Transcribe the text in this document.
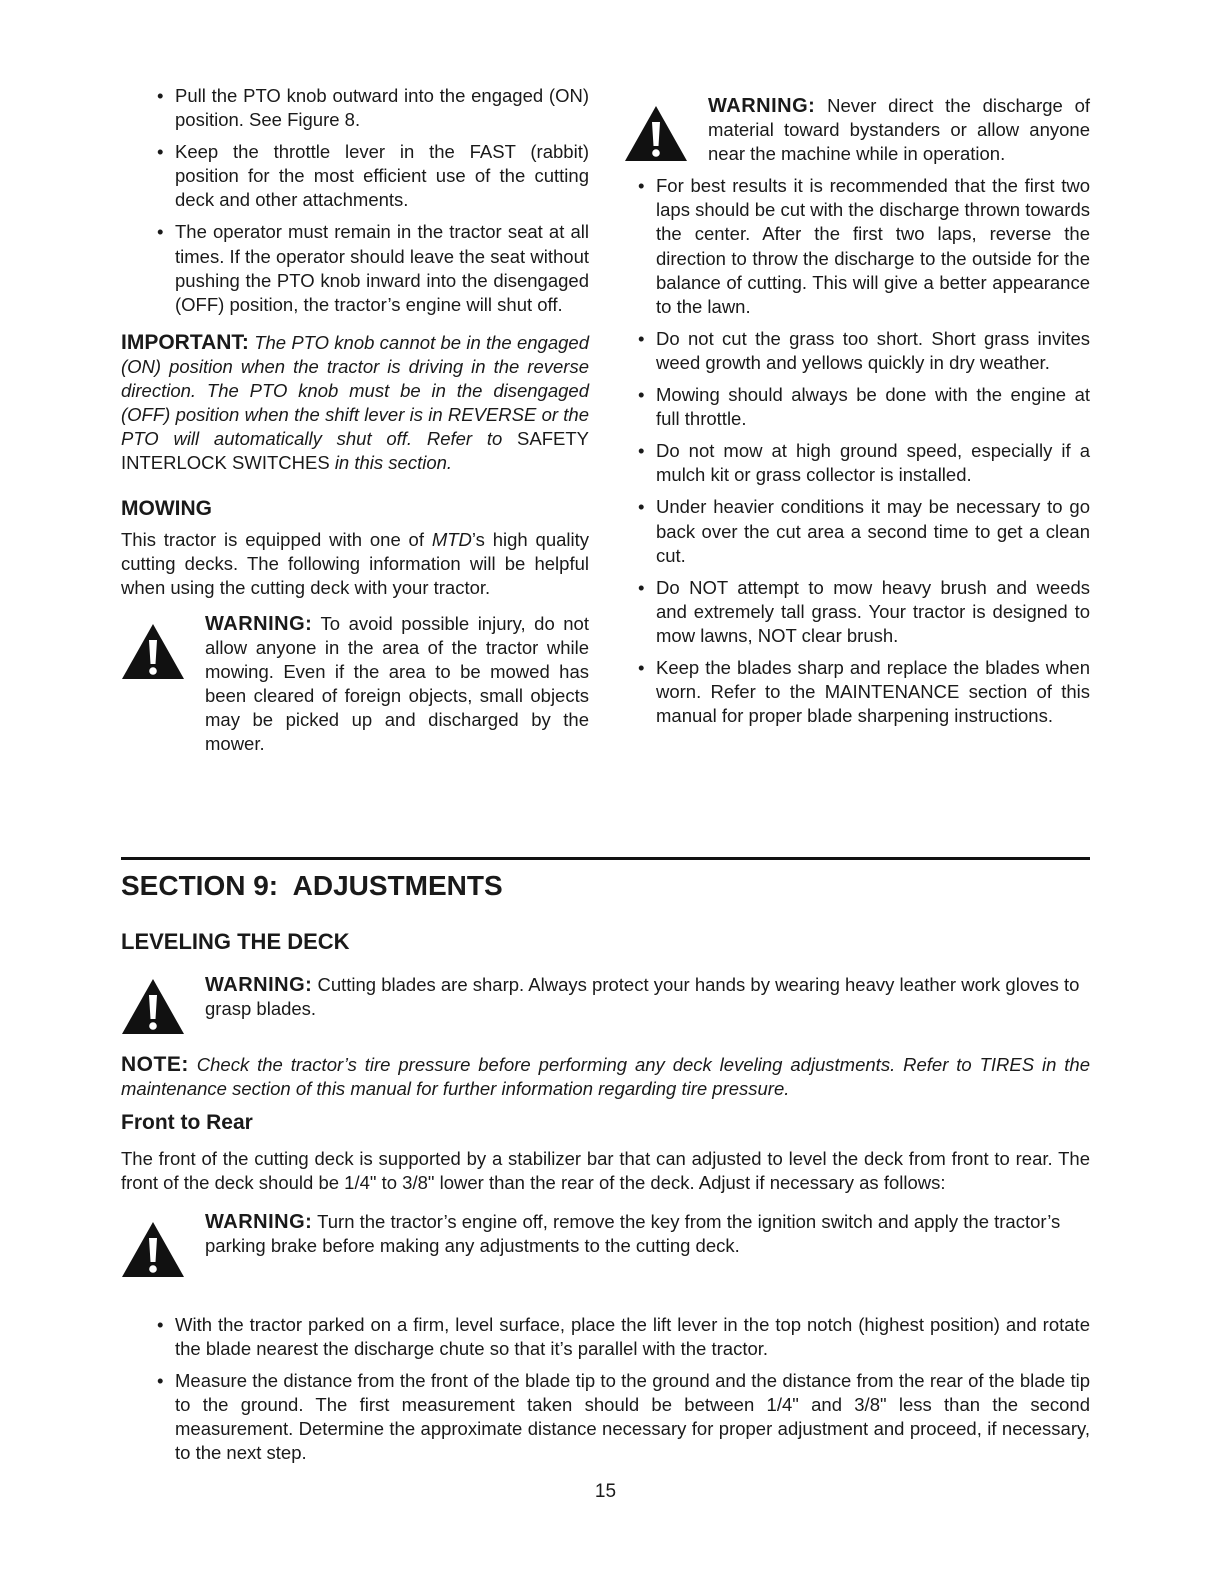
• Pull the PTO knob outward into the engaged (ON) position. See Figure 8.
• Keep the throttle lever in the FAST (rabbit) position for the most efficient use of the cutting deck and other attachments.
• The operator must remain in the tractor seat at all times. If the operator should leave the seat without pushing the PTO knob inward into the disengaged (OFF) position, the tractor’s engine will shut off.

IMPORTANT: The PTO knob cannot be in the engaged (ON) position when the tractor is driving in the reverse direction. The PTO knob must be in the disengaged (OFF) position when the shift lever is in REVERSE or the PTO will automatically shut off. Refer to SAFETY INTERLOCK SWITCHES in this section.

MOWING

This tractor is equipped with one of MTD’s high quality cutting decks. The following information will be helpful when using the cutting deck with your tractor.

WARNING: To avoid possible injury, do not allow anyone in the area of the tractor while mowing. Even if the area to be mowed has been cleared of foreign objects, small objects may be picked up and discharged by the mower.

WARNING: Never direct the discharge of material toward bystanders or allow anyone near the machine while in operation.

• For best results it is recommended that the first two laps should be cut with the discharge thrown towards the center. After the first two laps, reverse the direction to throw the discharge to the outside for the balance of cutting. This will give a better appearance to the lawn.
• Do not cut the grass too short. Short grass invites weed growth and yellows quickly in dry weather.
• Mowing should always be done with the engine at full throttle.
• Do not mow at high ground speed, especially if a mulch kit or grass collector is installed.
• Under heavier conditions it may be necessary to go back over the cut area a second time to get a clean cut.
• Do NOT attempt to mow heavy brush and weeds and extremely tall grass. Your tractor is designed to mow lawns, NOT clear brush.
• Keep the blades sharp and replace the blades when worn. Refer to the MAINTENANCE section of this manual for proper blade sharpening instructions.
SECTION 9:  ADJUSTMENTS
LEVELING THE DECK

WARNING: Cutting blades are sharp. Always protect your hands by wearing heavy leather work gloves to grasp blades.

NOTE: Check the tractor’s tire pressure before performing any deck leveling adjustments. Refer to TIRES in the maintenance section of this manual for further information regarding tire pressure.

Front to Rear
The front of the cutting deck is supported by a stabilizer bar that can adjusted to level the deck from front to rear. The front of the deck should be 1/4" to 3/8" lower than the rear of the deck. Adjust if necessary as follows:

WARNING: Turn the tractor’s engine off, remove the key from the ignition switch and apply the tractor’s parking brake before making any adjustments to the cutting deck.

• With the tractor parked on a firm, level surface, place the lift lever in the top notch (highest position) and rotate the blade nearest the discharge chute so that it’s parallel with the tractor.
• Measure the distance from the front of the blade tip to the ground and the distance from the rear of the blade tip to the ground. The first measurement taken should be between 1/4" and 3/8" less than the second measurement. Determine the approximate distance necessary for proper adjustment and proceed, if necessary, to the next step.
15
